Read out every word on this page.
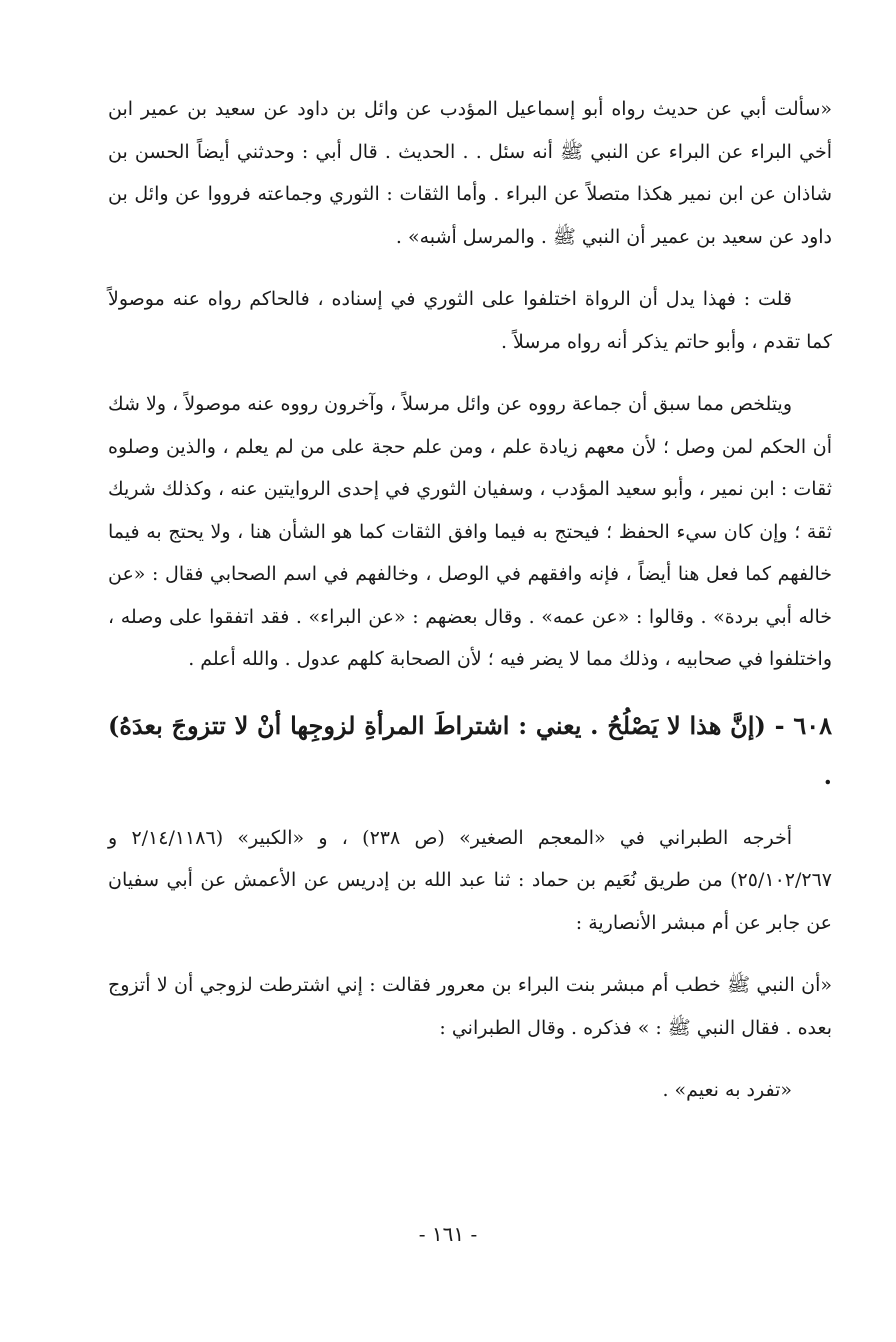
«سألت أبي عن حديث رواه أبو إسماعيل المؤدب عن وائل بن داود عن سعيد بن عمير ابن أخي البراء عن البراء عن النبي ﷺ أنه سئل . . الحديث . قال أبي : وحدثني أيضاً الحسن بن شاذان عن ابن نمير هكذا متصلاً عن البراء . وأما الثقات : الثوري وجماعته فرووا عن وائل بن داود عن سعيد بن عمير أن النبي ﷺ . والمرسل أشبه» .

قلت : فهذا يدل أن الرواة اختلفوا على الثوري في إسناده ، فالحاكم رواه عنه موصولاً كما تقدم ، وأبو حاتم يذكر أنه رواه مرسلاً .

ويتلخص مما سبق أن جماعة رووه عن وائل مرسلاً ، وآخرون رووه عنه موصولاً ، ولا شك أن الحكم لمن وصل ؛ لأن معهم زيادة علم ، ومن علم حجة على من لم يعلم ، والذين وصلوه ثقات : ابن نمير ، وأبو سعيد المؤدب ، وسفيان الثوري في إحدى الروايتين عنه ، وكذلك شريك ثقة ؛ وإن كان سيء الحفظ ؛ فيحتج به فيما وافق الثقات كما هو الشأن هنا ، ولا يحتج به فيما خالفهم كما فعل هنا أيضاً ، فإنه وافقهم في الوصل ، وخالفهم في اسم الصحابي فقال : «عن خاله أبي بردة» . وقالوا : «عن عمه» . وقال بعضهم : «عن البراء» . فقد اتفقوا على وصله ، واختلفوا في صحابيه ، وذلك مما لا يضر فيه ؛ لأن الصحابة كلهم عدول . والله أعلم .

٦٠٨ - (إنَّ هذا لا يَصْلُحُ . يعني : اشتراطَ المرأةِ لزوجِها أنْ لا تتزوجَ بعدَهُ) .

أخرجه الطبراني في «المعجم الصغير» (ص ٢٣٨) ، و «الكبير» (٢/١٤/١١٨٦ و ٢٥/١٠٢/٢٦٧) من طريق نُعَيم بن حماد : ثنا عبد الله بن إدريس عن الأعمش عن أبي سفيان عن جابر عن أم مبشر الأنصارية :

«أن النبي ﷺ خطب أم مبشر بنت البراء بن معرور فقالت : إني اشترطت لزوجي أن لا أتزوج بعده . فقال النبي ﷺ : » فذكره . وقال الطبراني :

«تفرد به نعيم» .

- ١٦١ -
